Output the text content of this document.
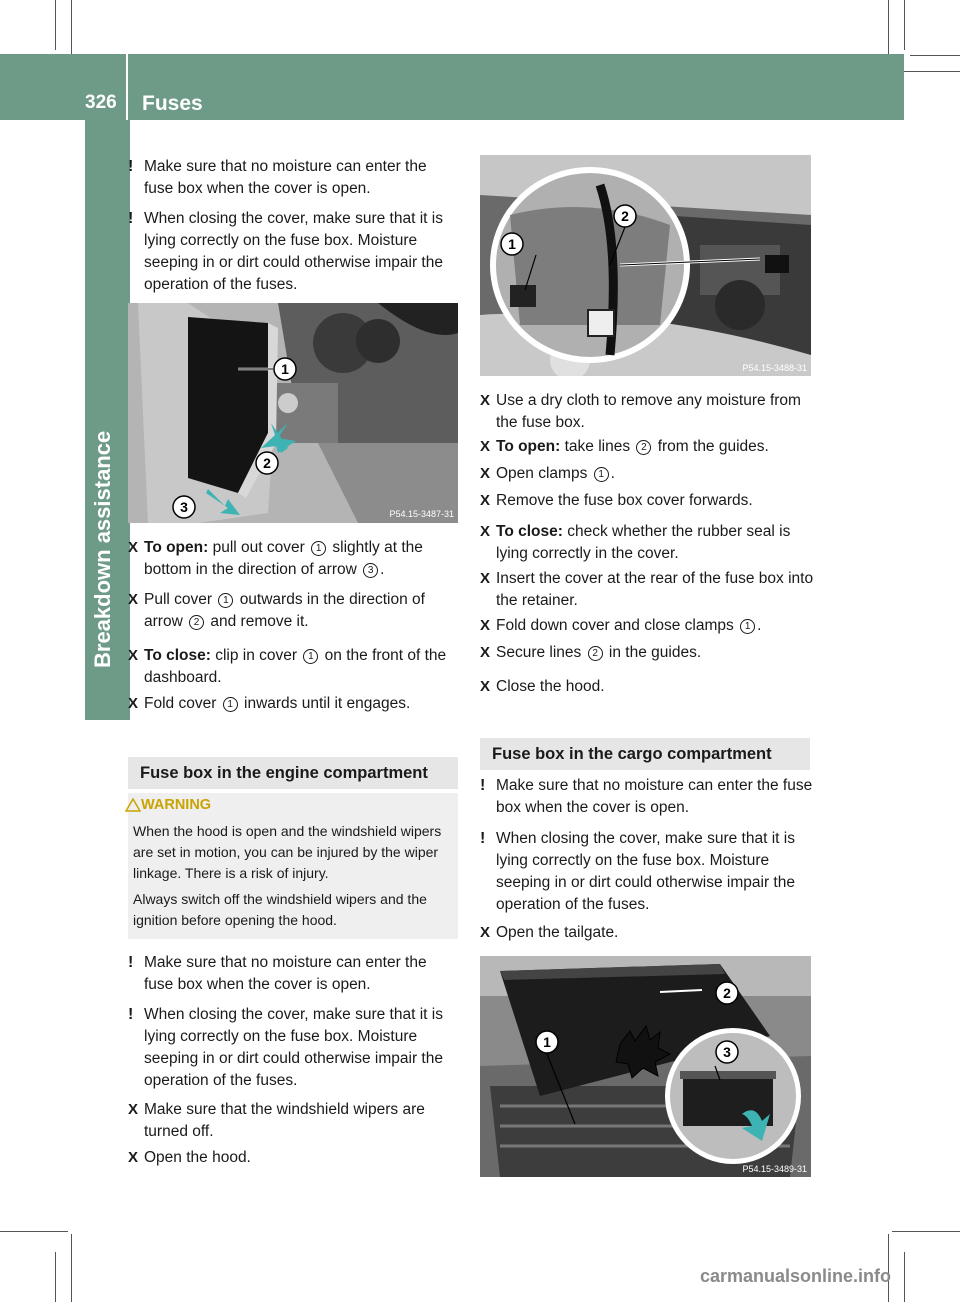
326 Fuses
Breakdown assistance
! Make sure that no moisture can enter the fuse box when the cover is open.
! When closing the cover, make sure that it is lying correctly on the fuse box. Moisture seeping in or dirt could otherwise impair the operation of the fuses.
1
2
3	P54.15-3487-31
X To open: pull out cover 1 slightly at the bottom in the direction of arrow 3 .
X Pull cover 1 outwards in the direction of arrow 2 and remove it.
X To close: clip in cover 1 on the front of the dashboard.
X Fold cover 1 inwards until it engages.
Fuse box in the engine compartment
WARNING
When the hood is open and the windshield wipers are set in motion, you can be injured by the wiper linkage. There is a risk of injury.
Always switch off the windshield wipers and the ignition before opening the hood.
! Make sure that no moisture can enter the fuse box when the cover is open.
! When closing the cover, make sure that it is lying correctly on the fuse box. Moisture seeping in or dirt could otherwise impair the operation of the fuses.
X Make sure that the windshield wipers are turned off.
X Open the hood.
1
2
P54.15-3488-31
X Use a dry cloth to remove any moisture from the fuse box.
X To open: take lines 2 from the guides.
X Open clamps 1 .
X Remove the fuse box cover forwards.
X To close: check whether the rubber seal is lying correctly in the cover.
X Insert the cover at the rear of the fuse box into the retainer.
X Fold down cover and close clamps 1 .
X Secure lines 2 in the guides.
X Close the hood.
Fuse box in the cargo compartment
! Make sure that no moisture can enter the fuse box when the cover is open.
! When closing the cover, make sure that it is lying correctly on the fuse box. Moisture seeping in or dirt could otherwise impair the operation of the fuses.
X Open the tailgate.
2
1
3
P54.15-3489-31
carmanualsonline.info
